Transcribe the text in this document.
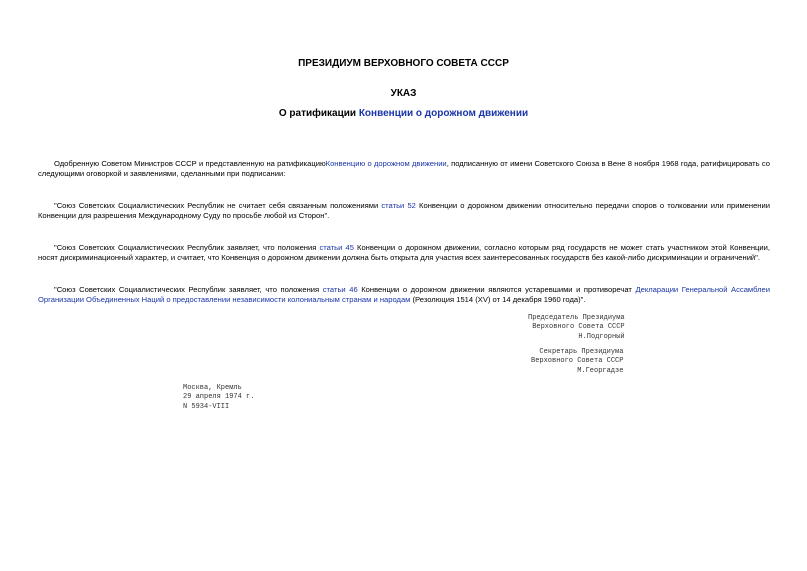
ПРЕЗИДИУМ ВЕРХОВНОГО СОВЕТА СССР
УКАЗ
О ратификации Конвенции о дорожном движении
Одобренную Советом Министров СССР и представленную на ратификациюКонвенцию о дорожном движении, подписанную от имени Советского Союза в Вене 8 ноября 1968 года, ратифицировать со следующими оговоркой и заявлениями, сделанными при подписании:
"Союз Советских Социалистических Республик не считает себя связанным положениями статьи 52 Конвенции о дорожном движении относительно передачи споров о толковании или применении Конвенции для разрешения Международному Суду по просьбе любой из Сторон".
"Союз Советских Социалистических Республик заявляет, что положения статьи 45 Конвенции о дорожном движении, согласно которым ряд государств не может стать участником этой Конвенции, носят дискриминационный характер, и считает, что Конвенция о дорожном движении должна быть открыта для участия всех заинтересованных государств без какой-либо дискриминации и ограничений".
"Союз Советских Социалистических Республик заявляет, что положения статьи 46 Конвенции о дорожном движении являются устаревшими и противоречат Декларации Генеральной Ассамблеи Организации Объединенных Наций о предоставлении независимости колониальным странам и народам (Резолюция 1514 (XV) от 14 декабря 1960 года)".
Председатель Президиума
Верховного Совета СССР
Н.Подгорный
Секретарь Президиума
Верховного Совета СССР
М.Георгадзе
Москва, Кремль
29 апреля 1974 г.
N 5934-VIII
